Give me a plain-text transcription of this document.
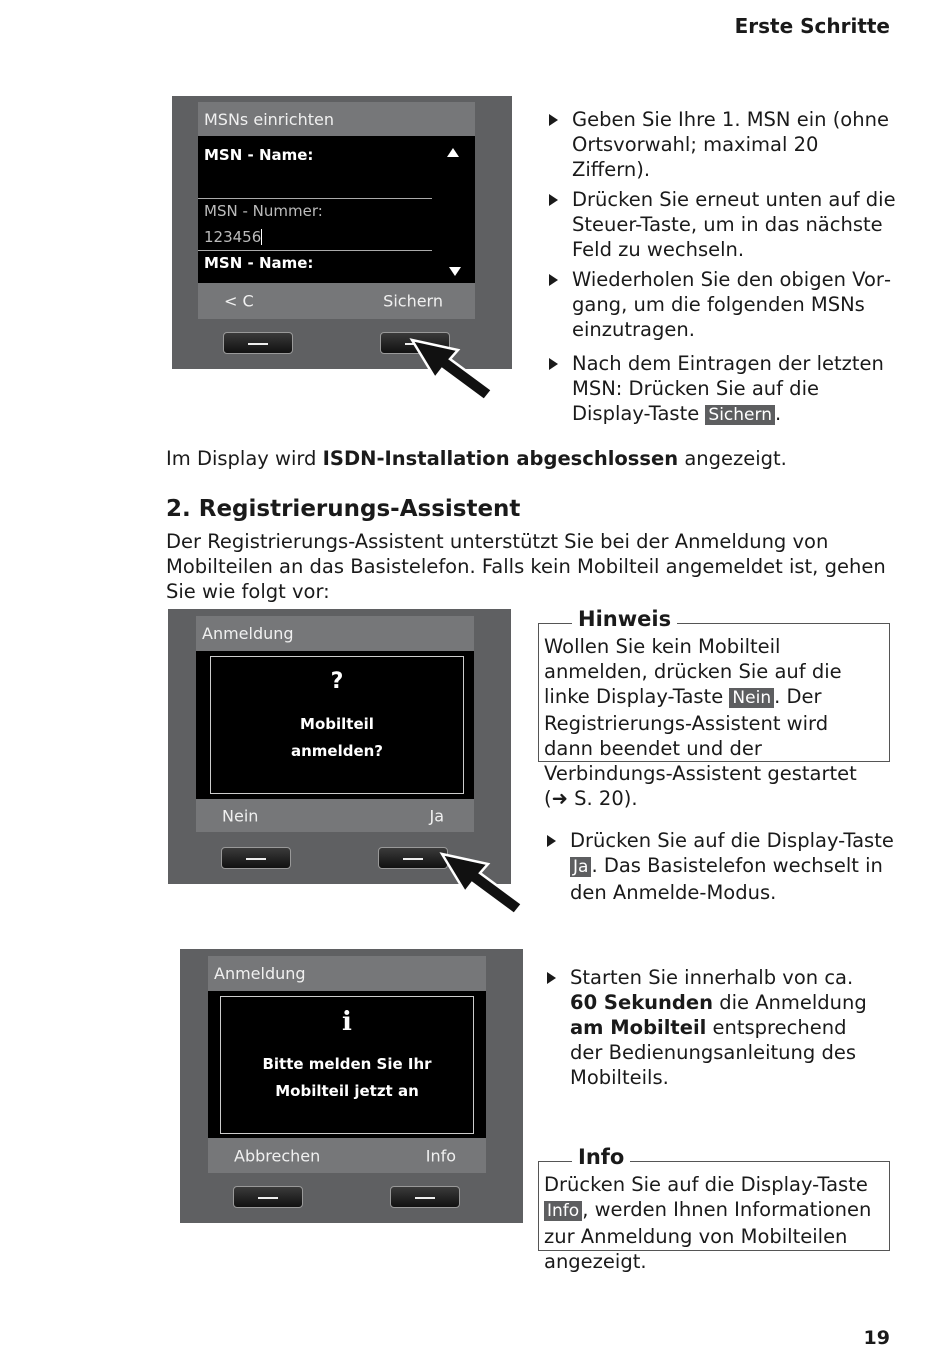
Erste Schritte
MSNs einrichten
MSN - Name:
MSN - Nummer:
123456
MSN - Name:
< C	Sichern
Geben Sie Ihre 1. MSN ein (ohne Ortsvorwahl; maximal 20 Ziffern).
Drücken Sie erneut unten auf die Steuer-Taste, um in das nächste Feld zu wechseln.
Wiederholen Sie den obigen Vorgang, um die folgenden MSNs einzutragen.
Nach dem Eintragen der letzten MSN: Drücken Sie auf die Display-Taste Sichern .
Im Display wird ISDN-Installation abgeschlossen angezeigt.
2. Registrierungs-Assistent
Der Registrierungs-Assistent unterstützt Sie bei der Anmeldung von Mobilteilen an das Basistelefon. Falls kein Mobilteil angemeldet ist, gehen Sie wie folgt vor:
Anmeldung
?
Mobilteil
anmelden?
Nein	Ja
Hinweis
Wollen Sie kein Mobilteil anmelden, drücken Sie auf die linke Display-Taste Nein . Der Registrierungs-Assistent wird dann beendet und der Verbindungs-Assistent gestartet (➜ S. 20).
Drücken Sie auf die Display-Taste Ja . Das Basistelefon wechselt in den Anmelde-Modus.
Anmeldung
i
Bitte melden Sie Ihr
Mobilteil jetzt an
Abbrechen	Info
Starten Sie innerhalb von ca. 60 Sekunden die Anmeldung am Mobilteil entsprechend der Bedienungsanleitung des Mobilteils.
Info
Drücken Sie auf die Display-Taste Info , werden Ihnen Informationen zur Anmeldung von Mobilteilen angezeigt.
19
